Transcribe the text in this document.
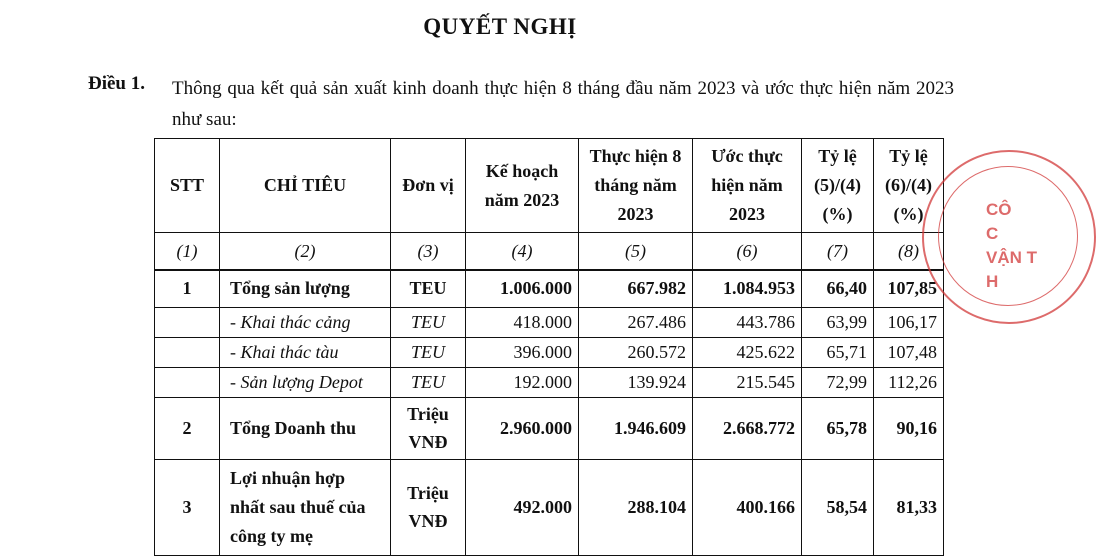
QUYẾT NGHỊ
Điều 1. Thông qua kết quả sản xuất kinh doanh thực hiện 8 tháng đầu năm 2023 và ước thực hiện năm 2023 như sau:
STT	CHỈ TIÊU	Đơn vị	Kế hoạch năm 2023	Thực hiện 8 tháng năm 2023	Ước thực hiện năm 2023	Tỷ lệ (5)/(4) (%)	Tỷ lệ (6)/(4) (%)
(1)	(2)	(3)	(4)	(5)	(6)	(7)	(8)
1	Tổng sản lượng	TEU	1.006.000	667.982	1.084.953	66,40	107,85
	- Khai thác cảng	TEU	418.000	267.486	443.786	63,99	106,17
	- Khai thác tàu	TEU	396.000	260.572	425.622	65,71	107,48
	- Sản lượng Depot	TEU	192.000	139.924	215.545	72,99	112,26
2	Tổng Doanh thu	Triệu VNĐ	2.960.000	1.946.609	2.668.772	65,78	90,16
3	Lợi nhuận hợp nhất sau thuế của công ty mẹ	Triệu VNĐ	492.000	288.104	400.166	58,54	81,33
CÔ
C
VẬN T
H
